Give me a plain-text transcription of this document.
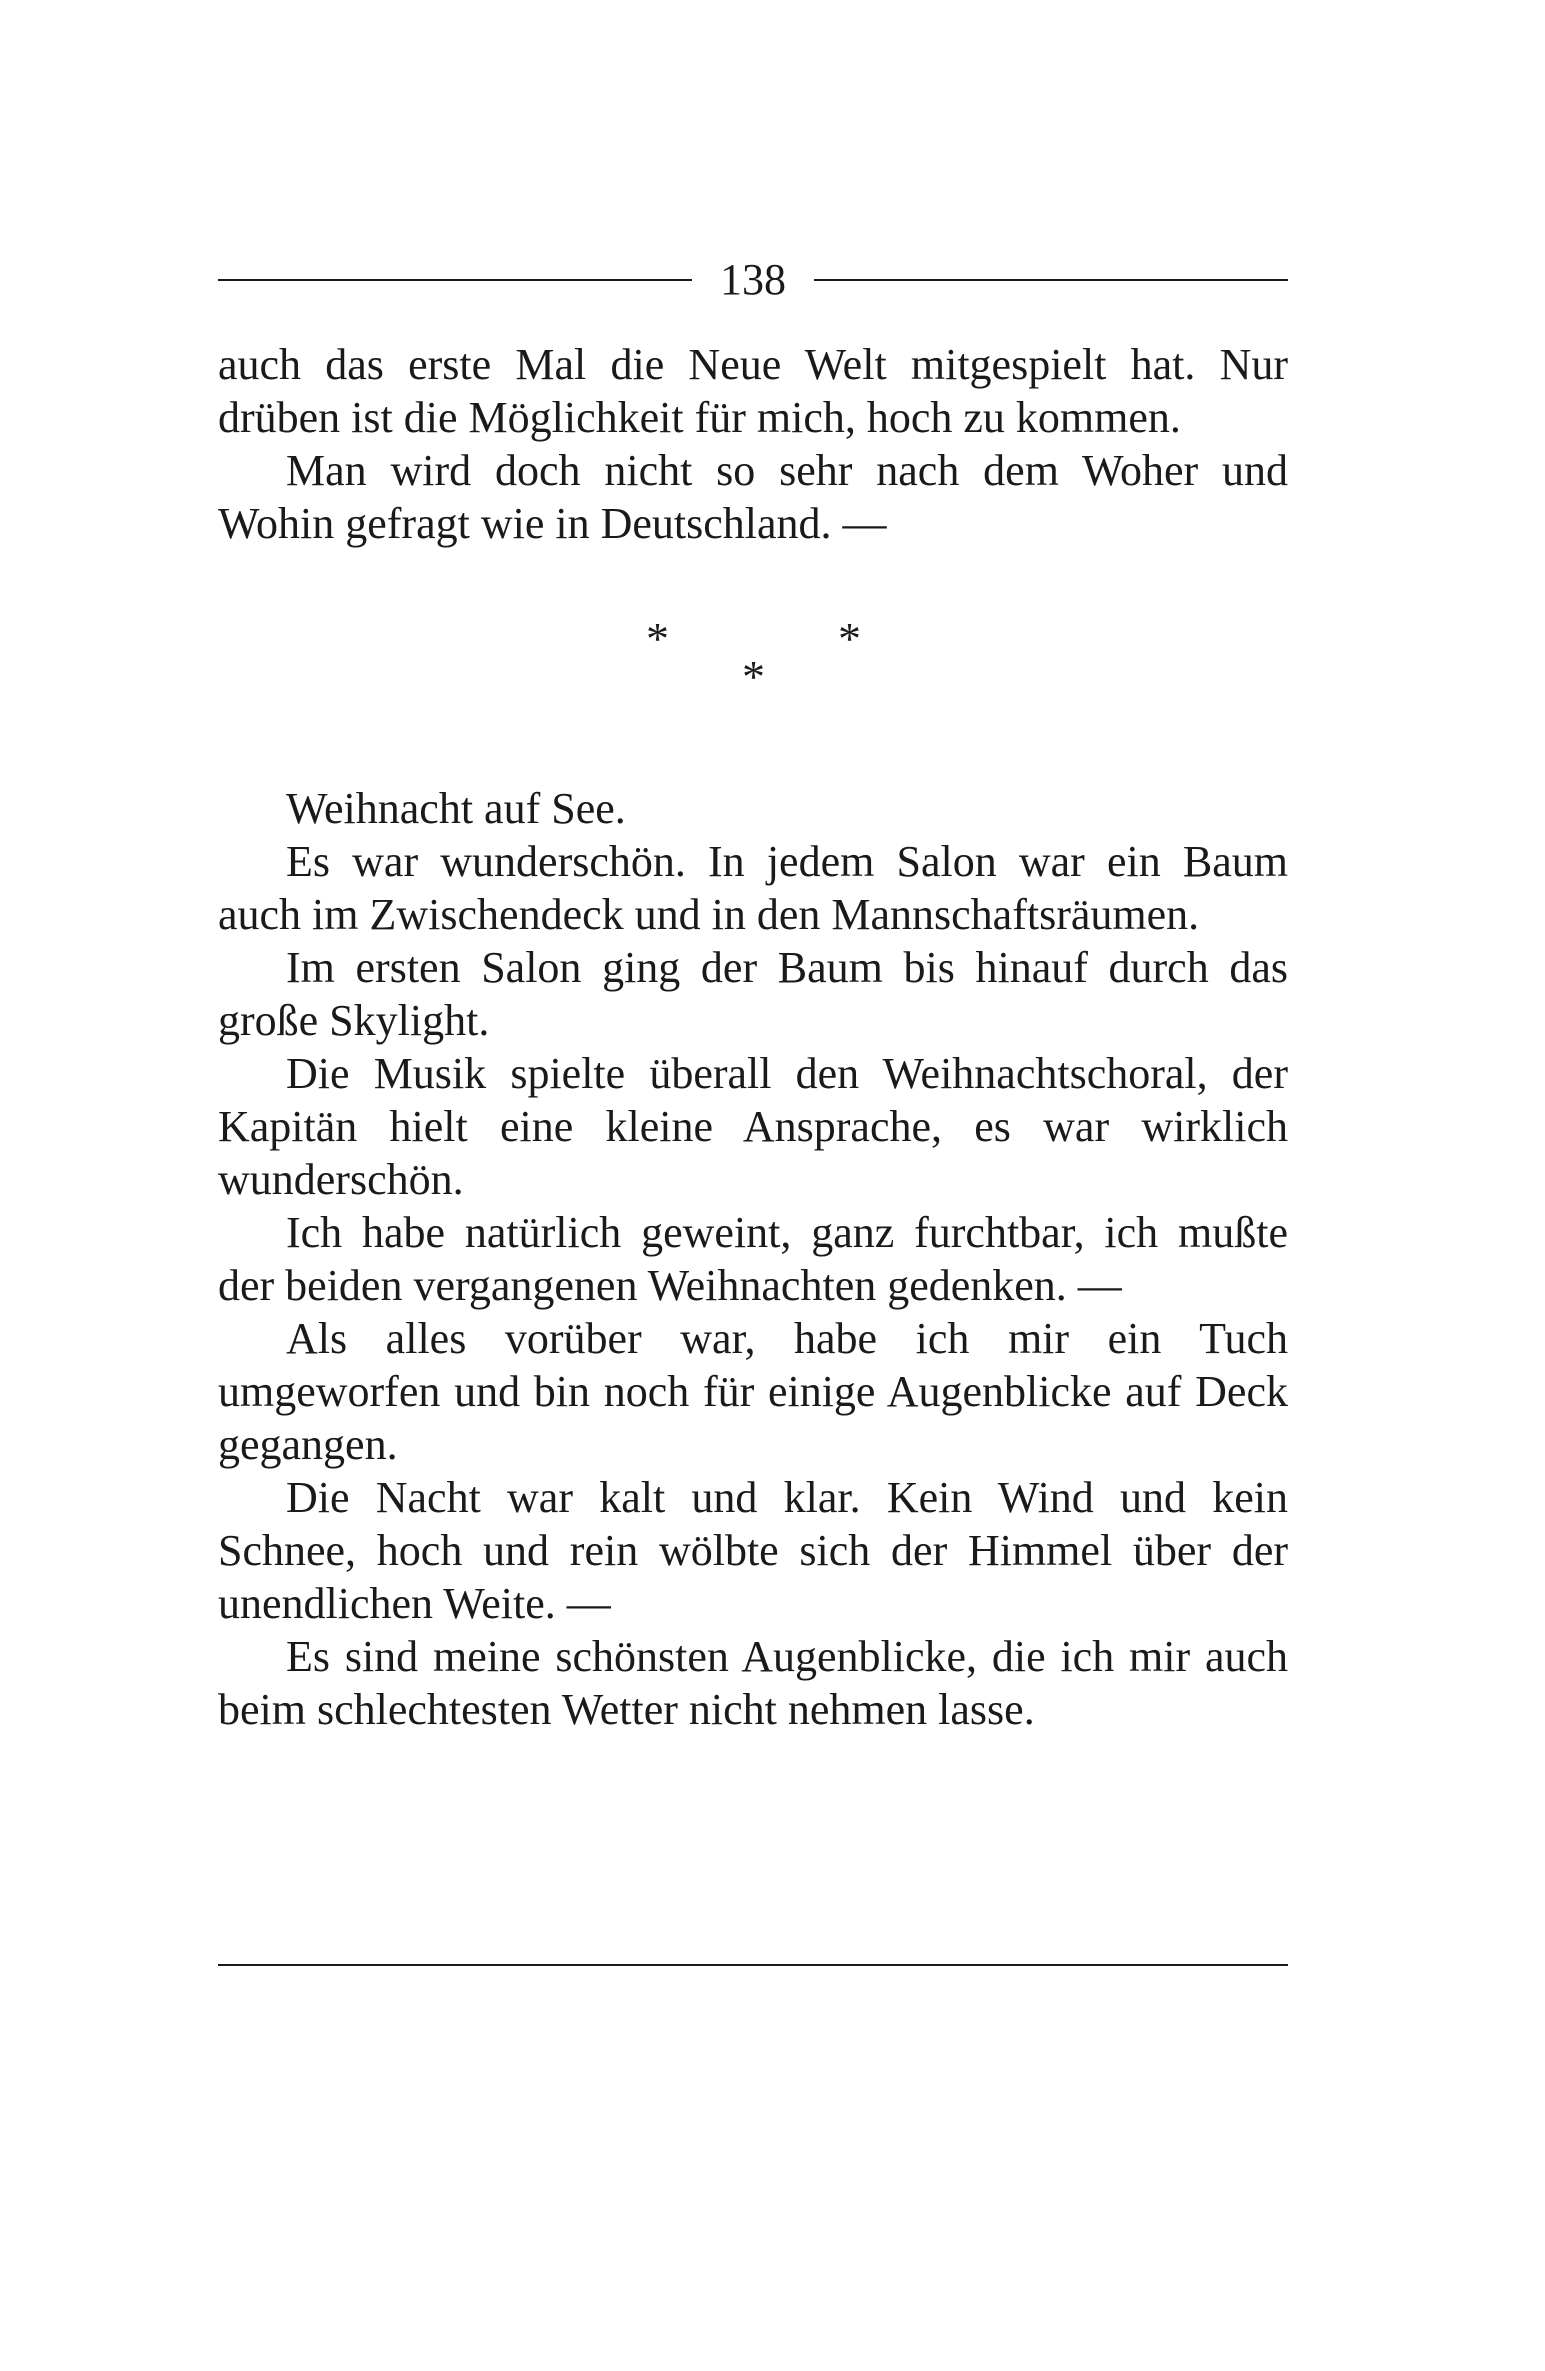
138

auch das erste Mal die Neue Welt mitgespielt hat. Nur drüben ist die Möglichkeit für mich, hoch zu kommen.

Man wird doch nicht so sehr nach dem Woher und Wohin gefragt wie in Deutschland. —

*	*
*

Weihnacht auf See.

Es war wunderschön. In jedem Salon war ein Baum auch im Zwischendeck und in den Mannschaftsräumen.

Im ersten Salon ging der Baum bis hinauf durch das große Skylight.

Die Musik spielte überall den Weihnachtschoral, der Kapitän hielt eine kleine Ansprache, es war wirklich wunderschön.

Ich habe natürlich geweint, ganz furchtbar, ich mußte der beiden vergangenen Weihnachten gedenken. —

Als alles vorüber war, habe ich mir ein Tuch umgeworfen und bin noch für einige Augenblicke auf Deck gegangen.

Die Nacht war kalt und klar. Kein Wind und kein Schnee, hoch und rein wölbte sich der Himmel über der unendlichen Weite. —

Es sind meine schönsten Augenblicke, die ich mir auch beim schlechtesten Wetter nicht nehmen lasse.
